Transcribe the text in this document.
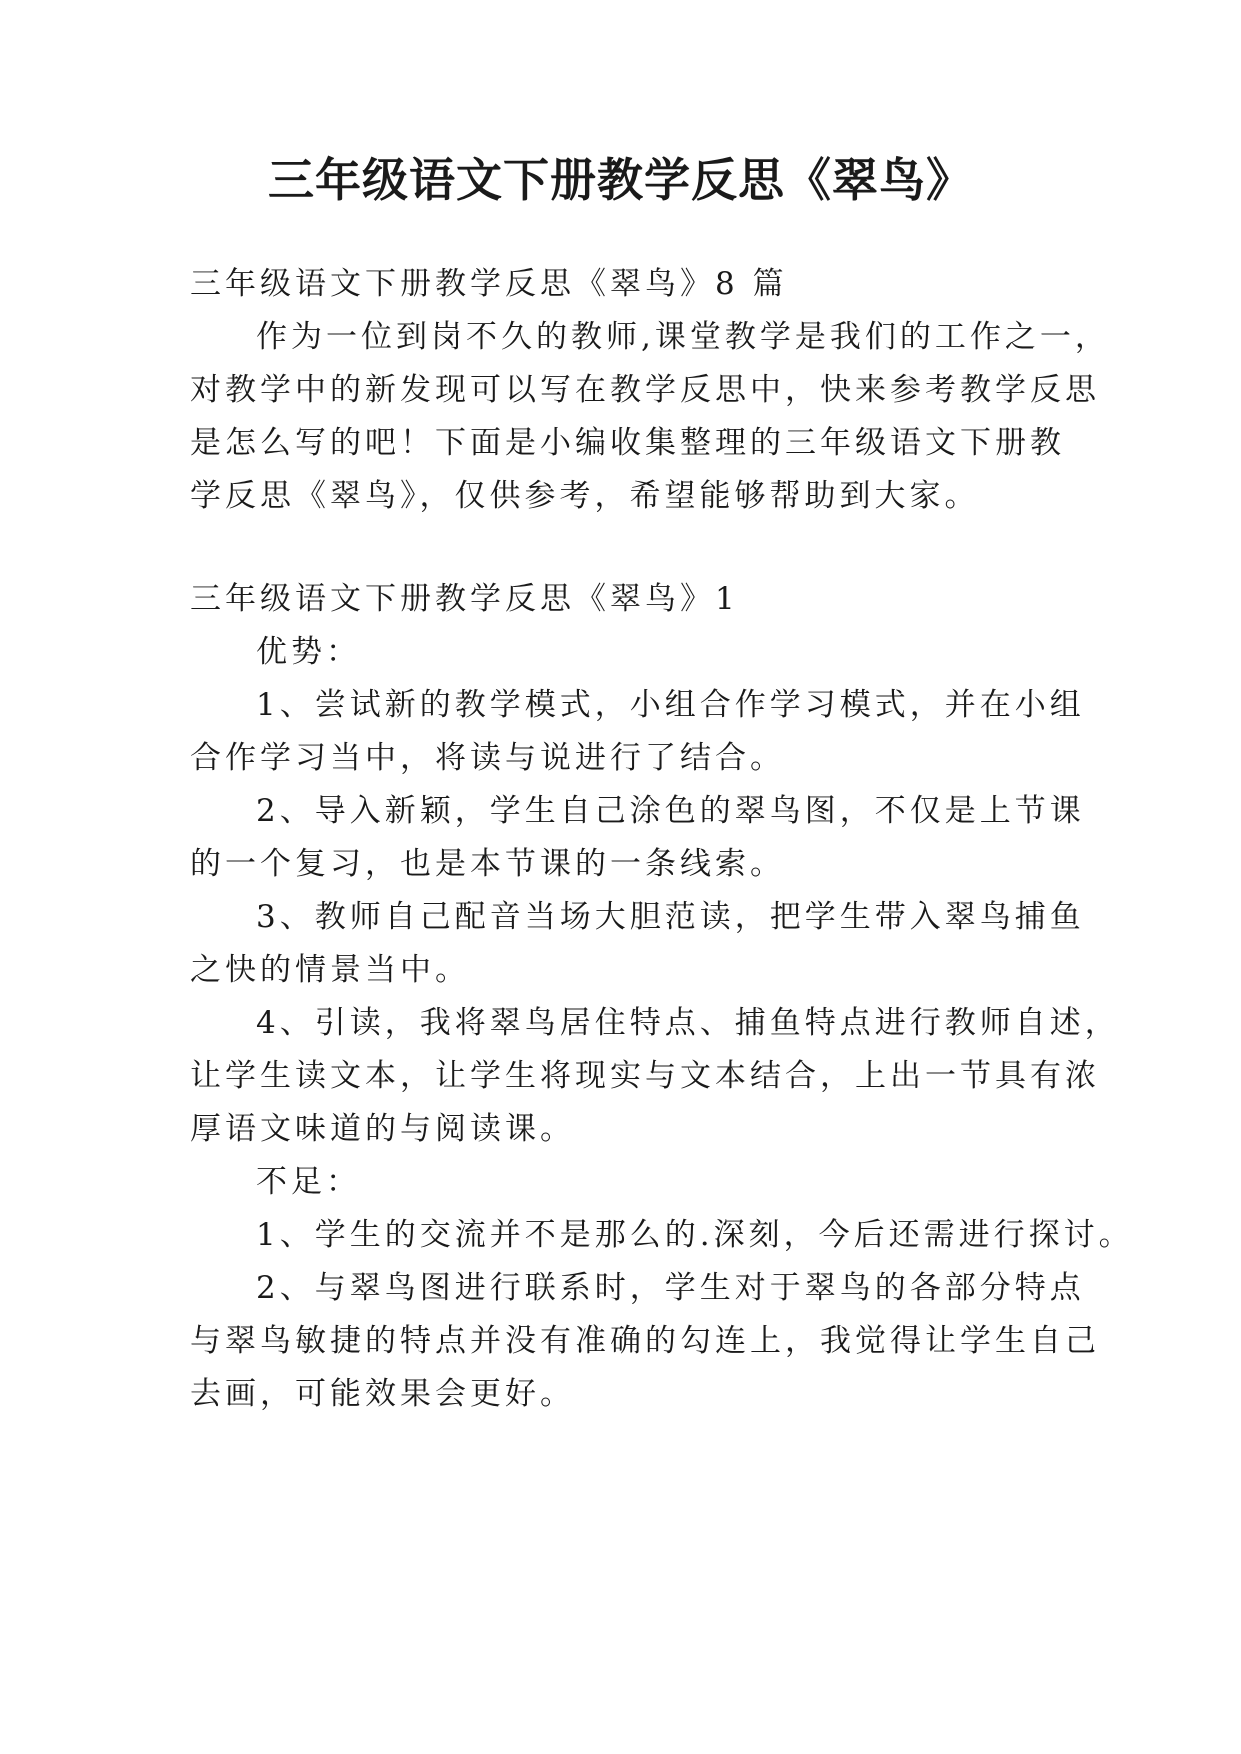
三年级语文下册教学反思《翠鸟》
三年级语文下册教学反思《翠鸟》8 篇
作为一位到岗不久的教师,课堂教学是我们的工作之一，
对教学中的新发现可以写在教学反思中，快来参考教学反思
是怎么写的吧！下面是小编收集整理的三年级语文下册教
学反思《翠鸟》，仅供参考，希望能够帮助到大家。
三年级语文下册教学反思《翠鸟》1
优势：
1、尝试新的教学模式，小组合作学习模式，并在小组
合作学习当中，将读与说进行了结合。
2、导入新颖，学生自己涂色的翠鸟图，不仅是上节课
的一个复习，也是本节课的一条线索。
3、教师自己配音当场大胆范读，把学生带入翠鸟捕鱼
之快的情景当中。
4、引读，我将翠鸟居住特点、捕鱼特点进行教师自述，
让学生读文本，让学生将现实与文本结合，上出一节具有浓
厚语文味道的与阅读课。
不足：
1、学生的交流并不是那么的.深刻，今后还需进行探讨。
2、与翠鸟图进行联系时，学生对于翠鸟的各部分特点
与翠鸟敏捷的特点并没有准确的勾连上，我觉得让学生自己
去画，可能效果会更好。
